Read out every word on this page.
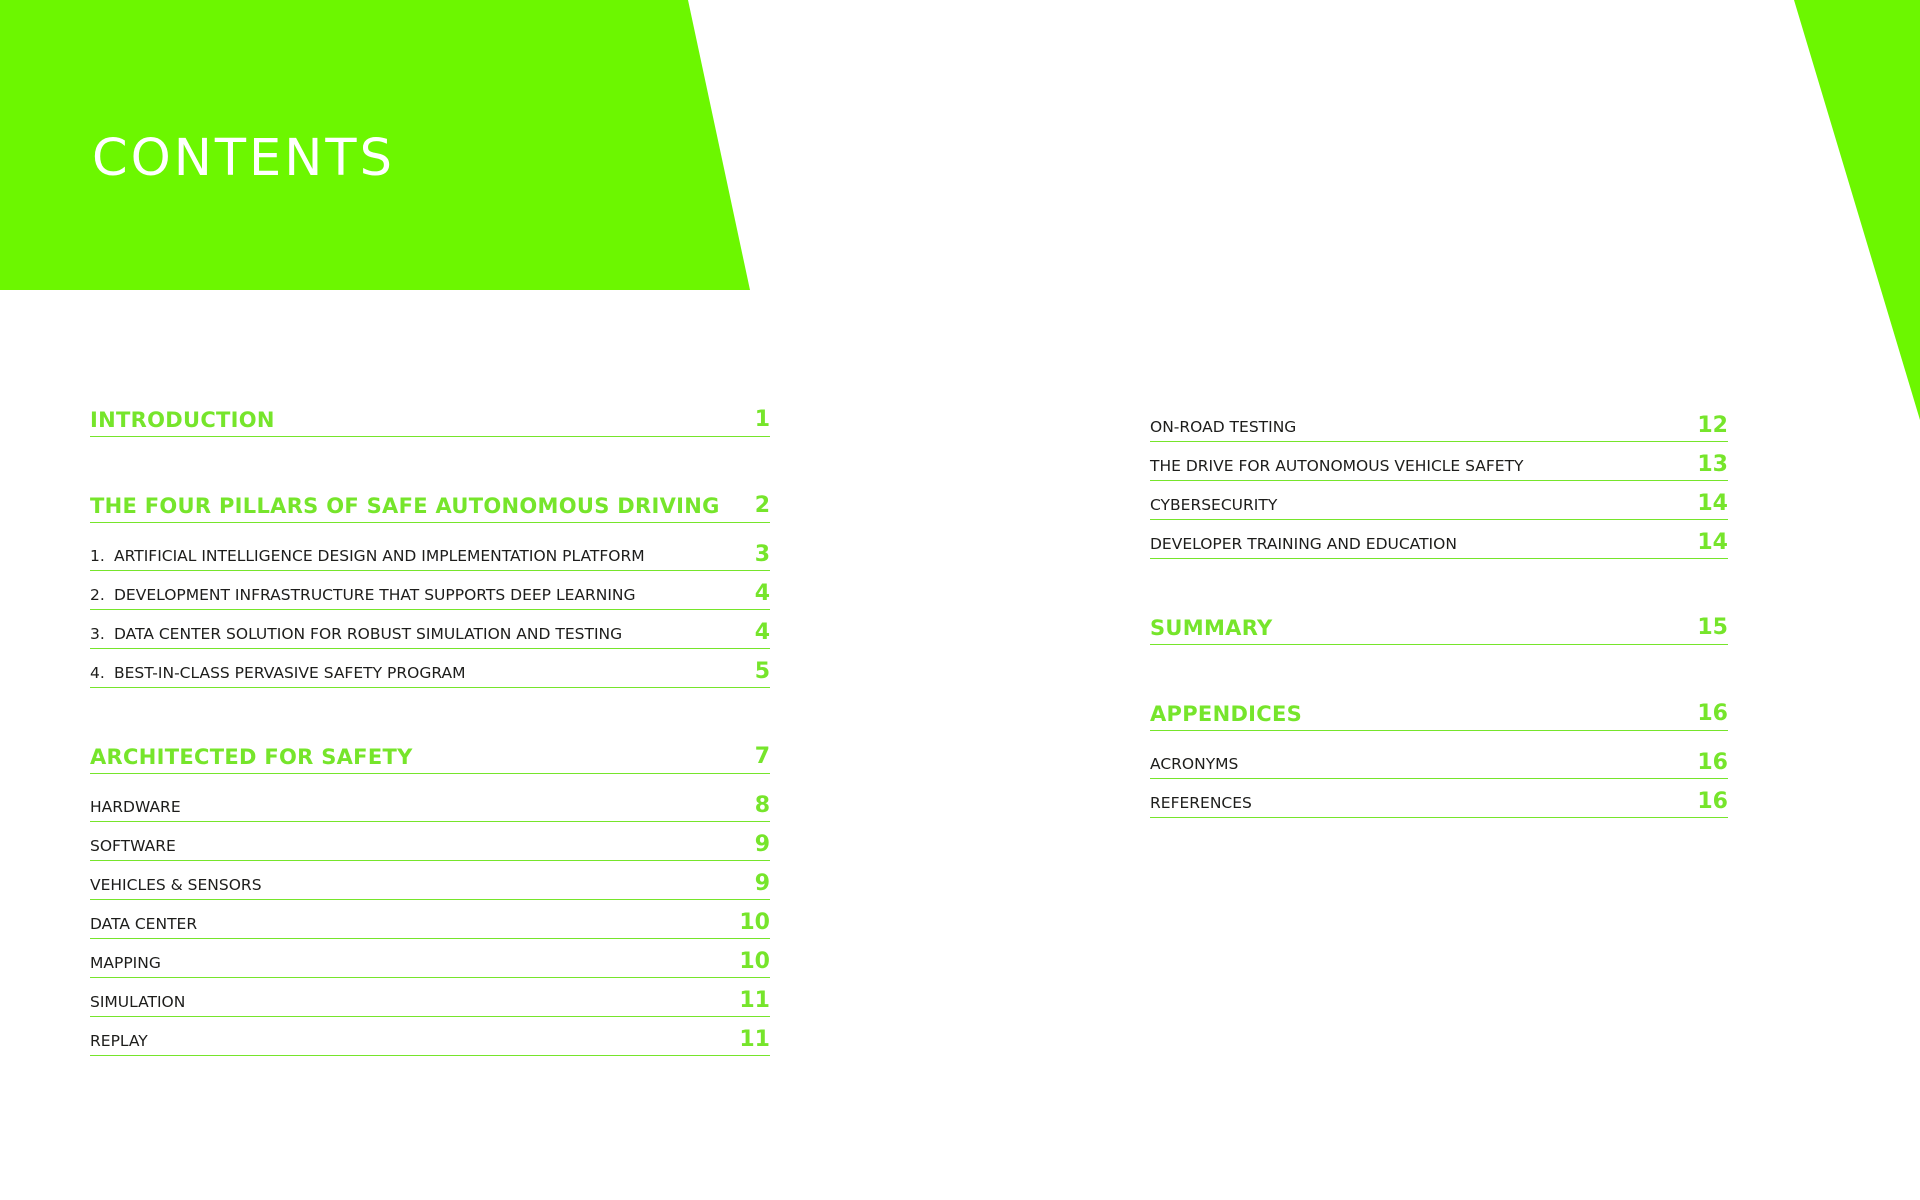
CONTENTS
INTRODUCTION	1
THE FOUR PILLARS OF SAFE AUTONOMOUS DRIVING 2
1. ARTIFICIAL INTELLIGENCE DESIGN AND IMPLEMENTATION PLATFORM	3
2. DEVELOPMENT INFRASTRUCTURE THAT SUPPORTS DEEP LEARNING	4
3. DATA CENTER SOLUTION FOR ROBUST SIMULATION AND TESTING	4
4. BEST-IN-CLASS PERVASIVE SAFETY PROGRAM	5
ARCHITECTED FOR SAFETY	7
HARDWARE	8
SOFTWARE	9
VEHICLES & SENSORS	9
DATA CENTER	10
MAPPING	10
SIMULATION	11
REPLAY	11
ON-ROAD TESTING	12
THE DRIVE FOR AUTONOMOUS VEHICLE SAFETY	13
CYBERSECURITY	14
DEVELOPER TRAINING AND EDUCATION	14
SUMMARY	15
APPENDICES	16
ACRONYMS	16
REFERENCES	16
